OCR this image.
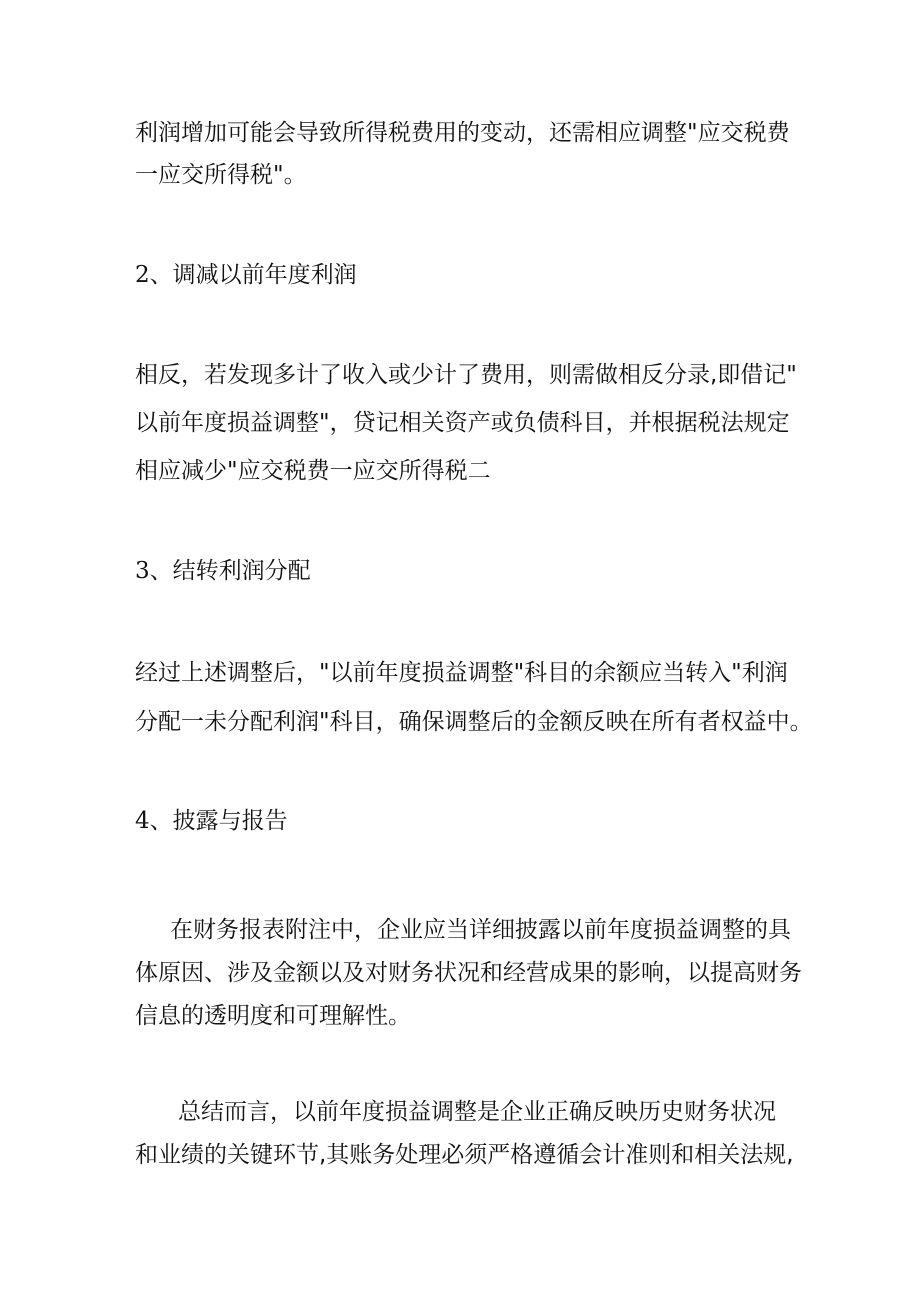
利润增加可能会导致所得税费用的变动，还需相应调整"应交税费
一应交所得税"。
2、调减以前年度利润
相反，若发现多计了收入或少计了费用，则需做相反分录,即借记"
以前年度损益调整"，贷记相关资产或负债科目，并根据税法规定
相应减少"应交税费一应交所得税二
3、结转利润分配
经过上述调整后，"以前年度损益调整"科目的余额应当转入"利润
分配一未分配利润"科目，确保调整后的金额反映在所有者权益中。
4、披露与报告
在财务报表附注中，企业应当详细披露以前年度损益调整的具
体原因、涉及金额以及对财务状况和经营成果的影响，以提高财务
信息的透明度和可理解性。
总结而言，以前年度损益调整是企业正确反映历史财务状况
和业绩的关键环节,其账务处理必须严格遵循会计准则和相关法规,
